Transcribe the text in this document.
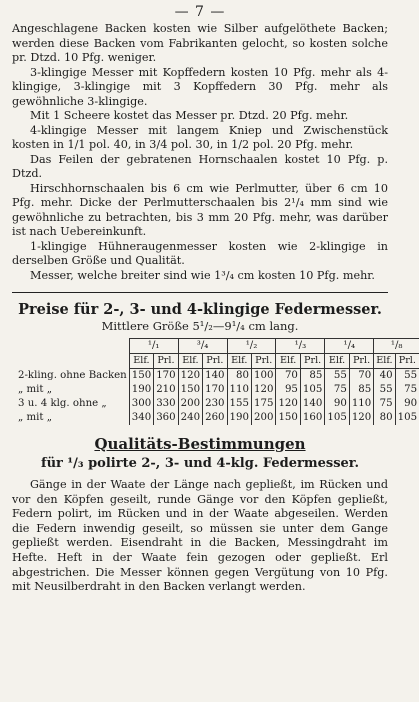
— 7 —

Angeschlagene Backen kosten wie Silber aufgelöthete Backen; werden diese Backen vom Fabrikanten gelocht, so kosten solche pr. Dtzd. 10 Pfg. weniger.

3-klingige Messer mit Kopffedern kosten 10 Pfg. mehr als 4-klingige, 3-klingige mit 3 Kopffedern 30 Pfg. mehr als gewöhnliche 3-klingige.

Mit 1 Scheere kostet das Messer pr. Dtzd. 20 Pfg. mehr.

4-klingige Messer mit langem Kniep und Zwischenstück kosten in 1/1 pol. 40, in 3/4 pol. 30, in 1/2 pol. 20 Pfg. mehr.

Das Feilen der gebratenen Hornschaalen kostet 10 Pfg. p. Dtzd.

Hirschhornschaalen bis 6 cm wie Perlmutter, über 6 cm 10 Pfg. mehr. Dicke der Perlmutterschaalen bis 2¹/₄ mm sind wie gewöhnliche zu betrachten, bis 3 mm 20 Pfg. mehr, was darüber ist nach Uebereinkunft.

1-klingige Hühneraugenmesser kosten wie 2-klingige in derselben Größe und Qualität.

Messer, welche breiter sind wie 1³/₄ cm kosten 10 Pfg. mehr.

Preise für 2-, 3- und 4-klingige Federmesser.
Mittlere Größe 5¹/₂—9¹/₄ cm lang.
	¹/₁		³/₄		¹/₂		¹/₃		¹/₄		¹/₈	
	Elf.	Prl.	Elf.	Prl.	Elf.	Prl.	Elf.	Prl.	Elf.	Prl.	Elf.	Prl.
2-kling. ohne Backen	150	170	120	140	80	100	70	85	55	70	40	55
„ mit „	190	210	150	170	110	120	95	105	75	85	55	75
3 u. 4 klg. ohne „	300	330	200	230	155	175	120	140	90	110	75	90
„ mit „	340	360	240	260	190	200	150	160	105	120	80	105
Qualitäts-Bestimmungen
für ¹/₃ polirte 2-, 3- und 4-klg. Federmesser.

Gänge in der Waate der Länge nach gepließt, im Rücken und vor den Köpfen geseilt, runde Gänge vor den Köpfen gepließt, Federn polirt, im Rücken und in der Waate abgeseilen. Werden die Federn inwendig geseilt, so müssen sie unter dem Gange gepließt werden. Eisendraht in die Backen, Messingdraht im Hefte. Heft in der Waate fein gezogen oder gepließt. Erl abgestrichen. Die Messer können gegen Vergütung von 10 Pfg. mit Neusilberdraht in den Backen verlangt werden.
